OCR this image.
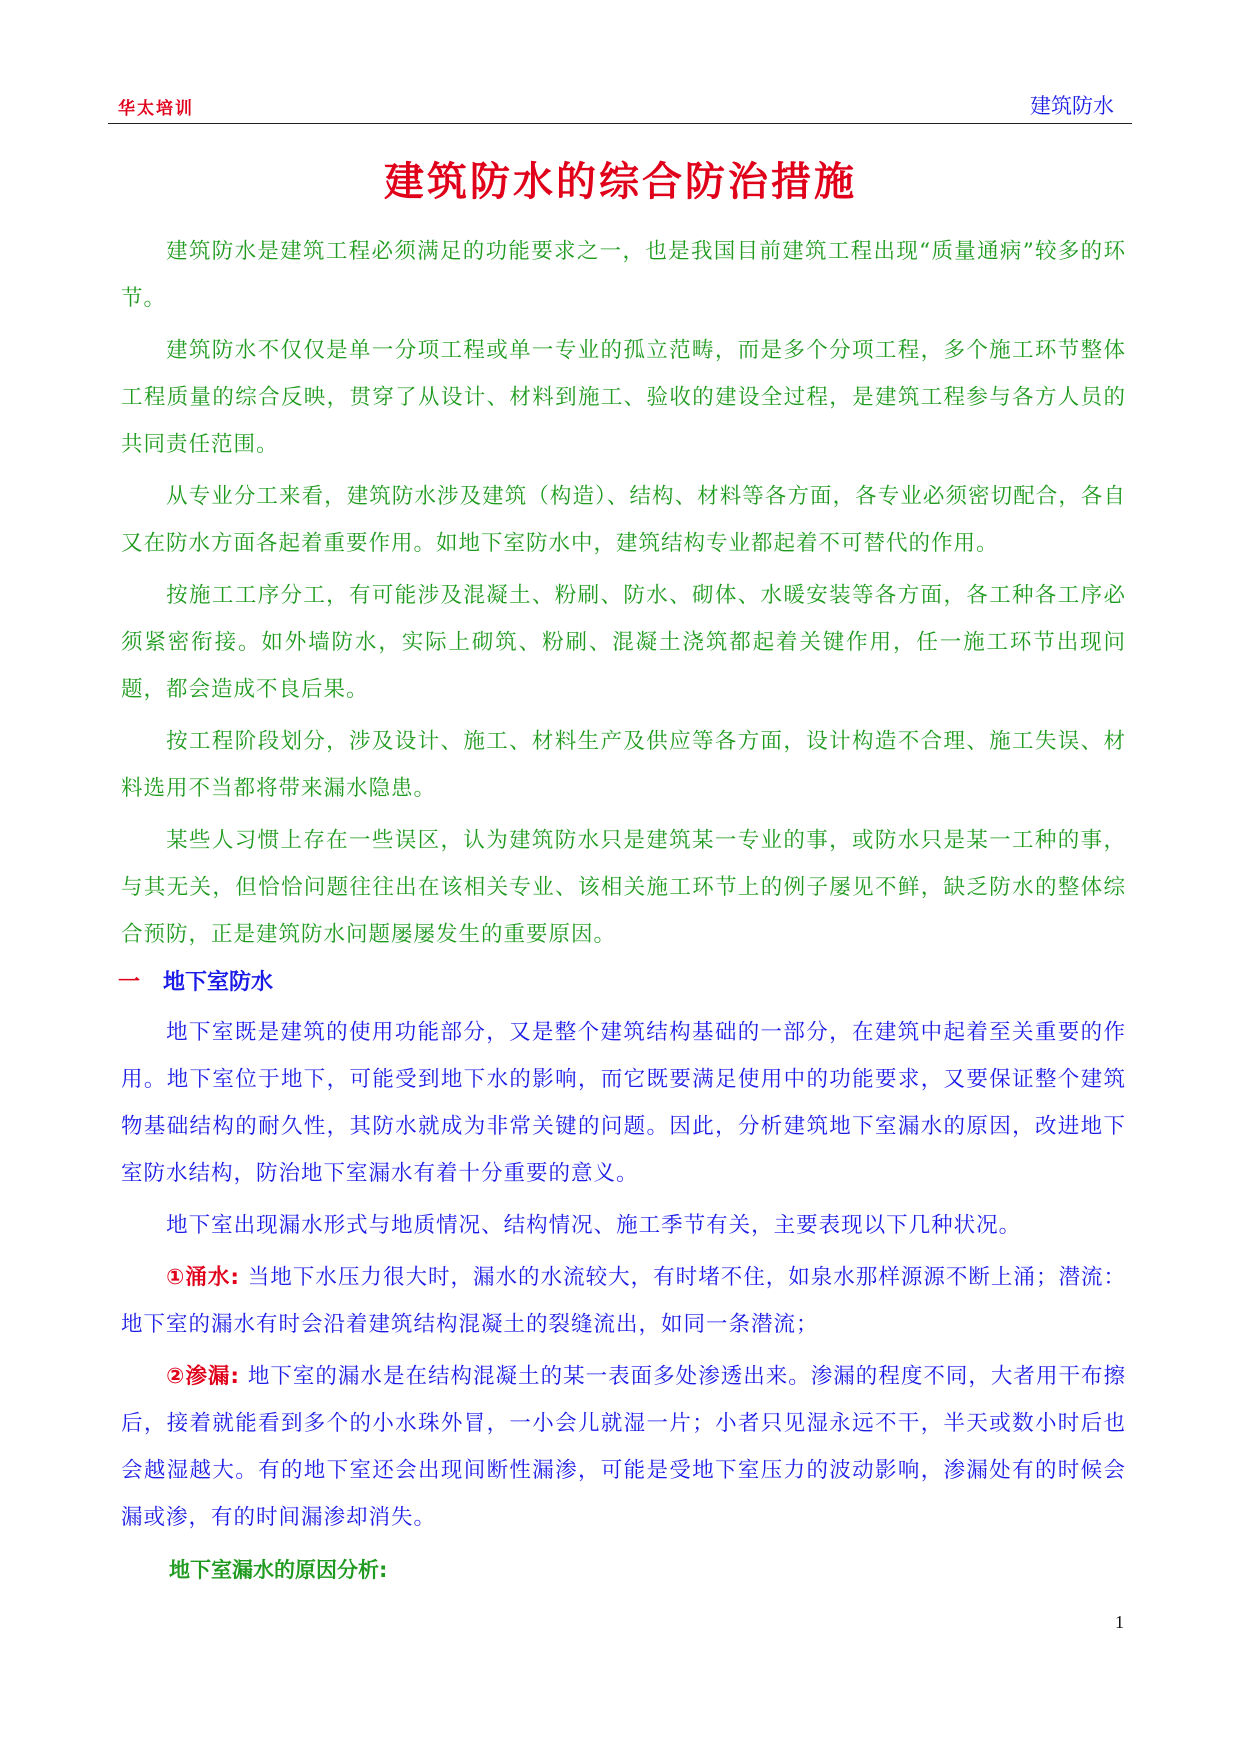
华太培训	建筑防水
建筑防水的综合防治措施

建筑防水是建筑工程必须满足的功能要求之一，也是我国目前建筑工程出现“质量通病”较多的环节。

建筑防水不仅仅是单一分项工程或单一专业的孤立范畴，而是多个分项工程，多个施工环节整体工程质量的综合反映，贯穿了从设计、材料到施工、验收的建设全过程，是建筑工程参与各方人员的共同责任范围。

从专业分工来看，建筑防水涉及建筑（构造）、结构、材料等各方面，各专业必须密切配合，各自又在防水方面各起着重要作用。如地下室防水中，建筑结构专业都起着不可替代的作用。

按施工工序分工，有可能涉及混凝土、粉刷、防水、砌体、水暖安装等各方面，各工种各工序必须紧密衔接。如外墙防水，实际上砌筑、粉刷、混凝土浇筑都起着关键作用，任一施工环节出现问题，都会造成不良后果。

按工程阶段划分，涉及设计、施工、材料生产及供应等各方面，设计构造不合理、施工失误、材料选用不当都将带来漏水隐患。

某些人习惯上存在一些误区，认为建筑防水只是建筑某一专业的事，或防水只是某一工种的事，与其无关，但恰恰问题往往出在该相关专业、该相关施工环节上的例子屡见不鲜，缺乏防水的整体综合预防，正是建筑防水问题屡屡发生的重要原因。

一 地下室防水

地下室既是建筑的使用功能部分，又是整个建筑结构基础的一部分，在建筑中起着至关重要的作用。地下室位于地下，可能受到地下水的影响，而它既要满足使用中的功能要求，又要保证整个建筑物基础结构的耐久性，其防水就成为非常关键的问题。因此，分析建筑地下室漏水的原因，改进地下室防水结构，防治地下室漏水有着十分重要的意义。

地下室出现漏水形式与地质情况、结构情况、施工季节有关，主要表现以下几种状况。

①涌水: 当地下水压力很大时，漏水的水流较大，有时堵不住，如泉水那样源源不断上涌；潜流：地下室的漏水有时会沿着建筑结构混凝土的裂缝流出，如同一条潜流；

②渗漏: 地下室的漏水是在结构混凝土的某一表面多处渗透出来。渗漏的程度不同，大者用干布擦后，接着就能看到多个的小水珠外冒，一小会儿就湿一片；小者只见湿永远不干，半天或数小时后也会越湿越大。有的地下室还会出现间断性漏渗，可能是受地下室压力的波动影响，渗漏处有的时候会漏或渗，有的时间漏渗却消失。

地下室漏水的原因分析:
1
